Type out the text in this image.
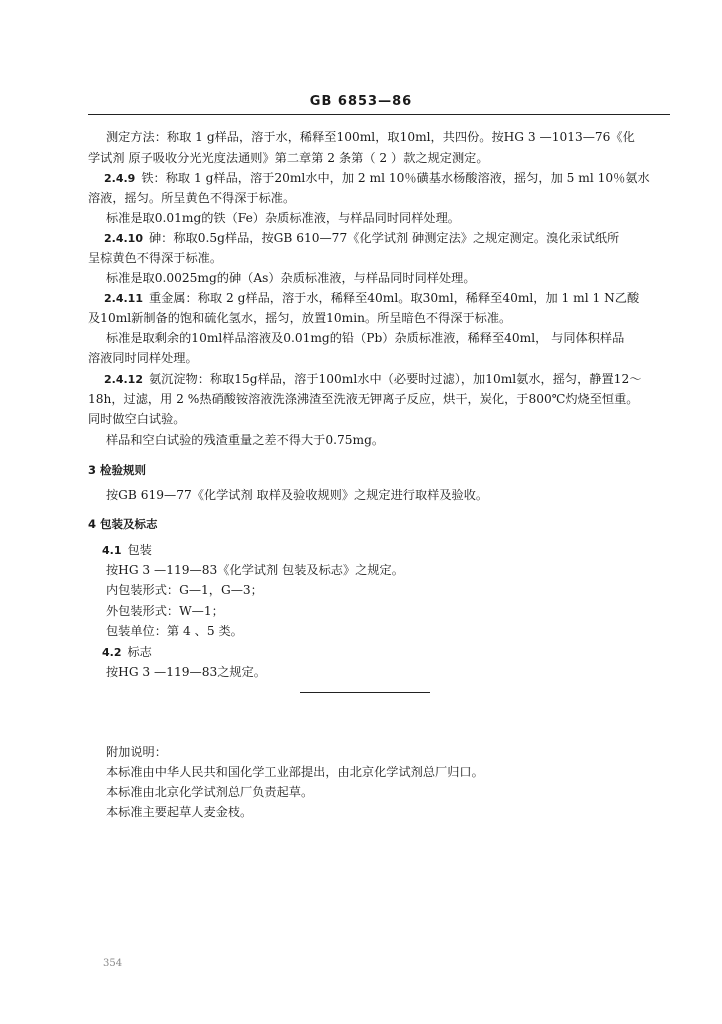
GB 6853—86
测定方法：称取 1 g样品，溶于水，稀释至100ml，取10ml，共四份。按HG 3 —1013—76《化
学试剂 原子吸收分光光度法通则》第二章第 2 条第（ 2 ）款之规定测定。
2.4.9 铁：称取 1 g样品，溶于20ml水中，加 2 ml 10％磺基水杨酸溶液，摇匀，加 5 ml 10％氨水
溶液，摇匀。所呈黄色不得深于标准。
标准是取0.01mg的铁（Fe）杂质标准液，与样品同时同样处理。
2.4.10 砷：称取0.5g样品，按GB 610—77《化学试剂 砷测定法》之规定测定。溴化汞试纸所
呈棕黄色不得深于标准。
标准是取0.0025mg的砷（As）杂质标准液，与样品同时同样处理。
2.4.11 重金属：称取 2 g样品，溶于水，稀释至40ml。取30ml，稀释至40ml，加 1 ml 1 N乙酸
及10ml新制备的饱和硫化氢水，摇匀，放置10min。所呈暗色不得深于标准。
标准是取剩余的10ml样品溶液及0.01mg的铅（Pb）杂质标准液，稀释至40ml， 与同体积样品
溶液同时同样处理。
2.4.12 氨沉淀物：称取15g样品，溶于100ml水中（必要时过滤），加10ml氨水，摇匀，静置12～
18h，过滤，用 2 %热硝酸铵溶液洗涤沸渣至洗液无钾离子反应，烘干，炭化，于800℃灼烧至恒重。
同时做空白试验。
样品和空白试验的残渣重量之差不得大于0.75mg。
3 检验规则
按GB 619—77《化学试剂 取样及验收规则》之规定进行取样及验收。
4 包装及标志
4.1 包装
按HG 3 —119—83《化学试剂 包装及标志》之规定。
内包装形式：G—1，G—3；
外包装形式：W—1；
包装单位：第 4 、5 类。
4.2 标志
按HG 3 —119—83之规定。
附加说明：
本标准由中华人民共和国化学工业部提出，由北京化学试剂总厂归口。
本标准由北京化学试剂总厂负责起草。
本标准主要起草人麦金枝。
354
